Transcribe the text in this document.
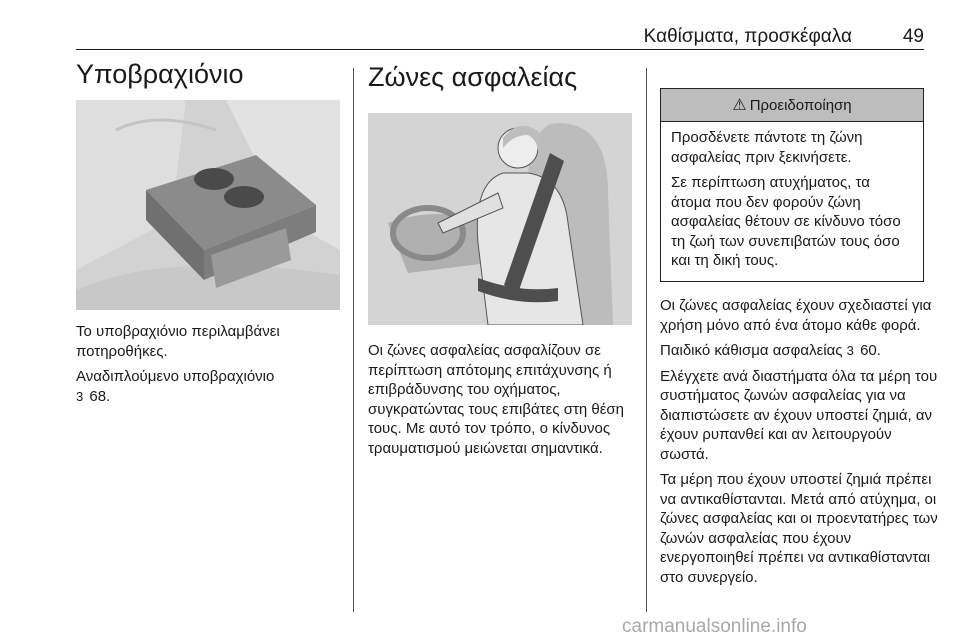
Καθίσματα, προσκέφαλα	49
Υποβραχιόνιο

Το υποβραχιόνιο περιλαμβάνει ποτηροθήκες.

Αναδιπλούμενο υποβραχιόνιο
3 68.

Ζώνες ασφαλείας

Οι ζώνες ασφαλείας ασφαλίζουν σε περίπτωση απότομης επιτάχυνσης ή επιβράδυνσης του οχήματος, συγκρατώντας τους επιβάτες στη θέση τους. Με αυτό τον τρόπο, ο κίνδυνος τραυματισμού μειώνεται σημαντικά.

⚠ Προειδοποίηση

Προσδένετε πάντοτε τη ζώνη ασφαλείας πριν ξεκινήσετε.

Σε περίπτωση ατυχήματος, τα άτομα που δεν φορούν ζώνη ασφαλείας θέτουν σε κίνδυνο τόσο τη ζωή των συνεπιβατών τους όσο και τη δική τους.

Οι ζώνες ασφαλείας έχουν σχεδιαστεί για χρήση μόνο από ένα άτομο κάθε φορά.

Παιδικό κάθισμα ασφαλείας 3 60.

Ελέγχετε ανά διαστήματα όλα τα μέρη του συστήματος ζωνών ασφαλείας για να διαπιστώσετε αν έχουν υποστεί ζημιά, αν έχουν ρυπανθεί και αν λειτουργούν σωστά.

Τα μέρη που έχουν υποστεί ζημιά πρέπει να αντικαθίστανται. Μετά από ατύχημα, οι ζώνες ασφαλείας και οι προεντατήρες των ζωνών ασφαλείας που έχουν ενεργοποιηθεί πρέπει να αντικαθίστανται στο συνεργείο.

carmanualsonline.info
